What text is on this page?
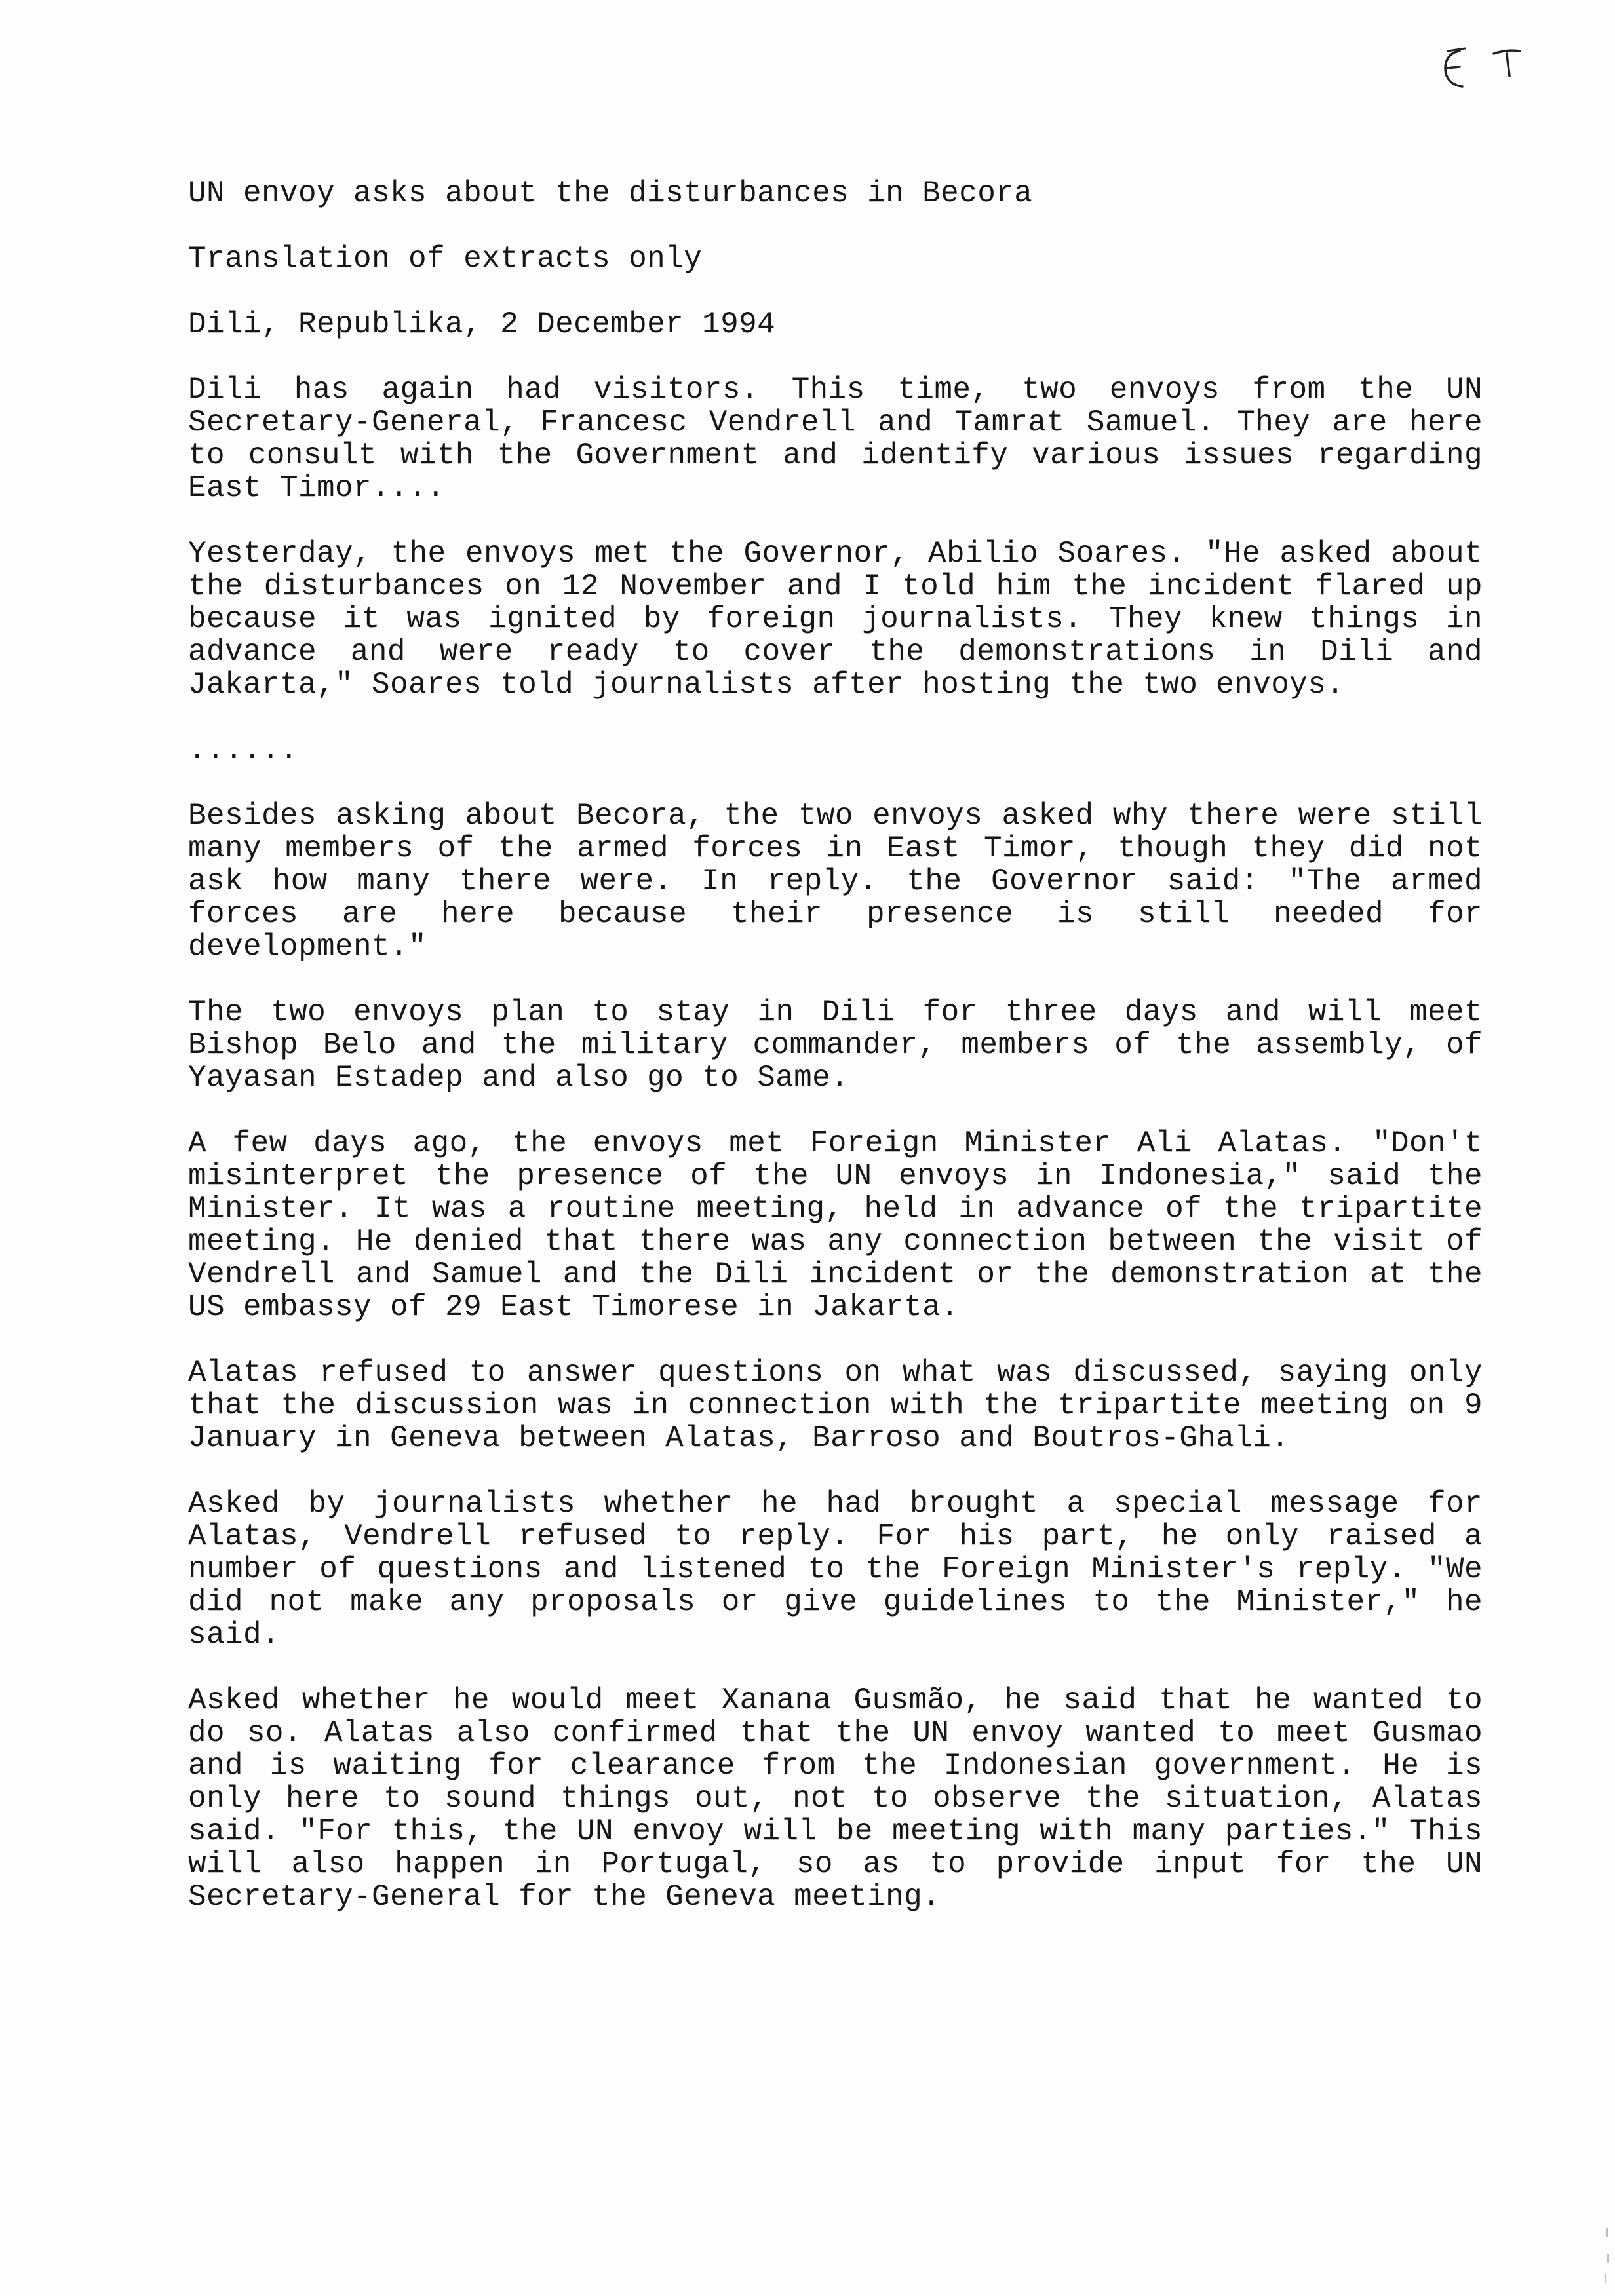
UN envoy asks about the disturbances in Becora
Translation of extracts only
Dili, Republika, 2 December 1994

Dili has again had visitors. This time, two envoys from the UN Secretary-General, Francesc Vendrell and Tamrat Samuel. They are here to consult with the Government and identify various issues regarding East Timor....

Yesterday, the envoys met the Governor, Abilio Soares. "He asked about the disturbances on 12 November and I told him the incident flared up because it was ignited by foreign journalists. They knew things in advance and were ready to cover the demonstrations in Dili and Jakarta," Soares told journalists after hosting the two envoys.

......

Besides asking about Becora, the two envoys asked why there were still many members of the armed forces in East Timor, though they did not ask how many there were. In reply. the Governor said: "The armed forces are here because their presence is still needed for development."

The two envoys plan to stay in Dili for three days and will meet Bishop Belo and the military commander, members of the assembly, of Yayasan Estadep and also go to Same.

A few days ago, the envoys met Foreign Minister Ali Alatas. "Don't misinterpret the presence of the UN envoys in Indonesia," said the Minister. It was a routine meeting, held in advance of the tripartite meeting. He denied that there was any connection between the visit of Vendrell and Samuel and the Dili incident or the demonstration at the US embassy of 29 East Timorese in Jakarta.

Alatas refused to answer questions on what was discussed, saying only that the discussion was in connection with the tripartite meeting on 9 January in Geneva between Alatas, Barroso and Boutros-Ghali.

Asked by journalists whether he had brought a special message for Alatas, Vendrell refused to reply. For his part, he only raised a number of questions and listened to the Foreign Minister's reply. "We did not make any proposals or give guidelines to the Minister," he said.

Asked whether he would meet Xanana Gusmão, he said that he wanted to do so. Alatas also confirmed that the UN envoy wanted to meet Gusmao and is waiting for clearance from the Indonesian government. He is only here to sound things out, not to observe the situation, Alatas said. "For this, the UN envoy will be meeting with many parties." This will also happen in Portugal, so as to provide input for the UN Secretary-General for the Geneva meeting.
